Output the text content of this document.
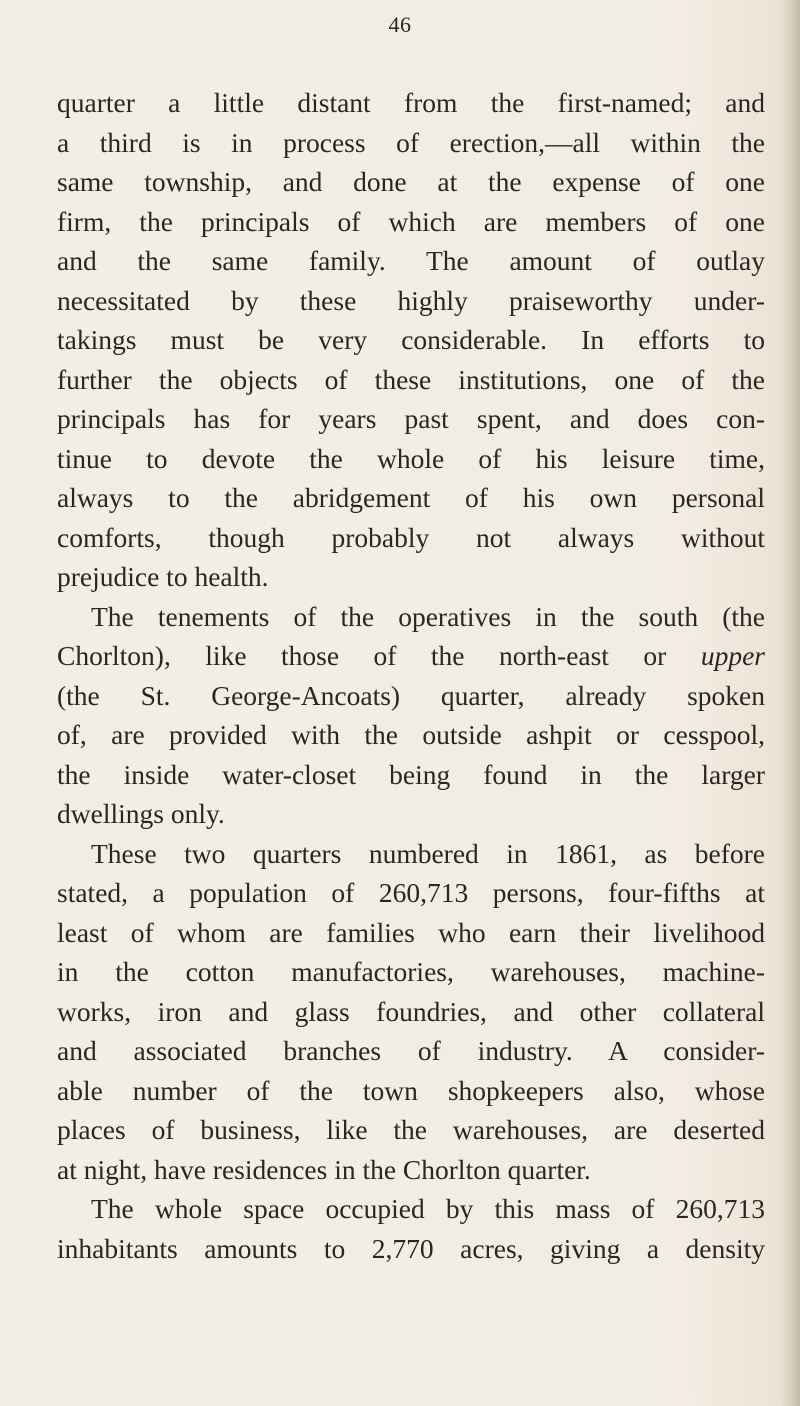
46
quarter a little distant from the first-named; and
a third is in process of erection,—all within the
same township, and done at the expense of one
firm, the principals of which are members of one
and the same family. The amount of outlay
necessitated by these highly praiseworthy under-
takings must be very considerable. In efforts to
further the objects of these institutions, one of the
principals has for years past spent, and does con-
tinue to devote the whole of his leisure time,
always to the abridgement of his own personal
comforts, though probably not always without
prejudice to health.
The tenements of the operatives in the south (the
Chorlton), like those of the north-east or upper
(the St. George-Ancoats) quarter, already spoken
of, are provided with the outside ashpit or cesspool,
the inside water-closet being found in the larger
dwellings only.
These two quarters numbered in 1861, as before
stated, a population of 260,713 persons, four-fifths at
least of whom are families who earn their livelihood
in the cotton manufactories, warehouses, machine-
works, iron and glass foundries, and other collateral
and associated branches of industry. A consider-
able number of the town shopkeepers also, whose
places of business, like the warehouses, are deserted
at night, have residences in the Chorlton quarter.
The whole space occupied by this mass of 260,713
inhabitants amounts to 2,770 acres, giving a density
